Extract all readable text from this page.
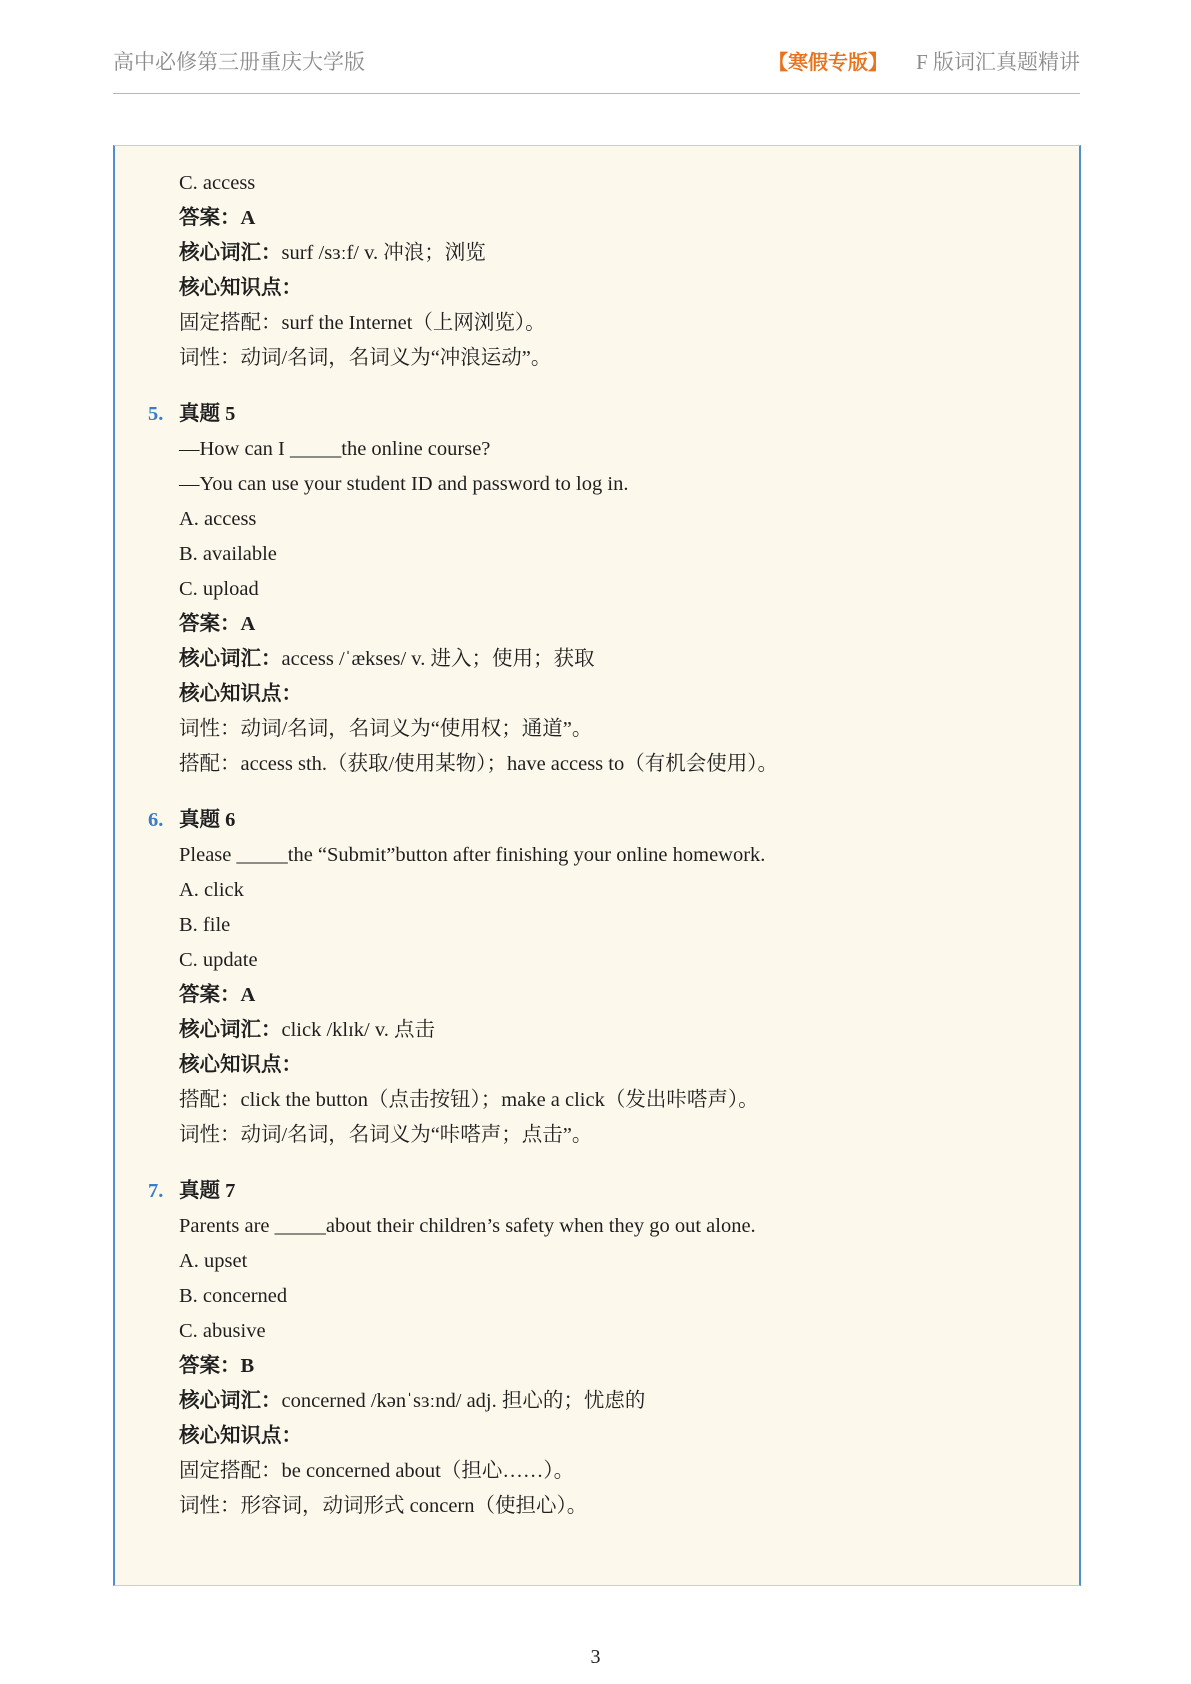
高中必修第三册重庆大学版	【寒假专版】 F 版词汇真题精讲
C. access
答案：A
核心词汇：surf /sɜːf/ v. 冲浪；浏览
核心知识点：
固定搭配：surf the Internet（上网浏览）。
词性：动词/名词，名词义为“冲浪运动”。
5. 真题 5
—How can I _____the online course?
—You can use your student ID and password to log in.
A. access
B. available
C. upload
答案：A
核心词汇：access /ˈækses/ v. 进入；使用；获取
核心知识点：
词性：动词/名词，名词义为“使用权；通道”。
搭配：access sth.（获取/使用某物）；have access to（有机会使用）。
6. 真题 6
Please _____the “Submit”button after finishing your online homework.
A. click
B. file
C. update
答案：A
核心词汇：click /klɪk/ v. 点击
核心知识点：
搭配：click the button（点击按钮）；make a click（发出咔嗒声）。
词性：动词/名词，名词义为“咔嗒声；点击”。
7. 真题 7
Parents are _____about their children’s safety when they go out alone.
A. upset
B. concerned
C. abusive
答案：B
核心词汇：concerned /kənˈsɜːnd/ adj. 担心的；忧虑的
核心知识点：
固定搭配：be concerned about（担心……）。
词性：形容词，动词形式 concern（使担心）。
3
